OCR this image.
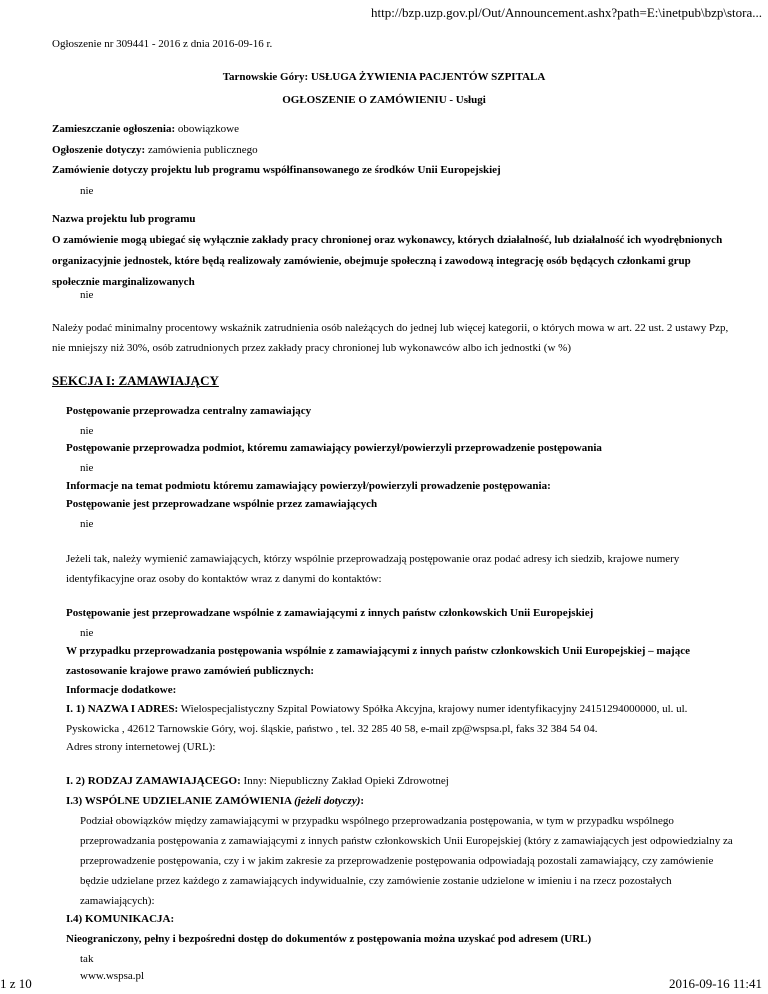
http://bzp.uzp.gov.pl/Out/Announcement.ashx?path=E:\inetpub\bzp\stora...
1 z 10	2016-09-16 11:41
Ogłoszenie nr 309441 - 2016 z dnia 2016-09-16 r.
Tarnowskie Góry: USŁUGA ŻYWIENIA PACJENTÓW SZPITALA
OGŁOSZENIE O ZAMÓWIENIU - Usługi
Zamieszczanie ogłoszenia: obowiązkowe
Ogłoszenie dotyczy: zamówienia publicznego
Zamówienie dotyczy projektu lub programu współfinansowanego ze środków Unii Europejskiej
nie
Nazwa projektu lub programu
O zamówienie mogą ubiegać się wyłącznie zakłady pracy chronionej oraz wykonawcy, których działalność, lub działalność ich wyodrębnionych
organizacyjnie jednostek, które będą realizowały zamówienie, obejmuje społeczną i zawodową integrację osób będących członkami grup
społecznie marginalizowanych
nie
Należy podać minimalny procentowy wskaźnik zatrudnienia osób należących do jednej lub więcej kategorii, o których mowa w art. 22 ust. 2 ustawy Pzp,
nie mniejszy niż 30%, osób zatrudnionych przez zakłady pracy chronionej lub wykonawców albo ich jednostki (w %)
SEKCJA I: ZAMAWIAJĄCY
Postępowanie przeprowadza centralny zamawiający
nie
Postępowanie przeprowadza podmiot, któremu zamawiający powierzył/powierzyli przeprowadzenie postępowania
nie
Informacje na temat podmiotu któremu zamawiający powierzył/powierzyli prowadzenie postępowania:
Postępowanie jest przeprowadzane wspólnie przez zamawiających
nie
Jeżeli tak, należy wymienić zamawiających, którzy wspólnie przeprowadzają postępowanie oraz podać adresy ich siedzib, krajowe numery
identyfikacyjne oraz osoby do kontaktów wraz z danymi do kontaktów:
Postępowanie jest przeprowadzane wspólnie z zamawiającymi z innych państw członkowskich Unii Europejskiej
nie
W przypadku przeprowadzania postępowania wspólnie z zamawiającymi z innych państw członkowskich Unii Europejskiej – mające
zastosowanie krajowe prawo zamówień publicznych:
Informacje dodatkowe:
I. 1) NAZWA I ADRES: Wielospecjalistyczny Szpital Powiatowy Spółka Akcyjna, krajowy numer identyfikacyjny 24151294000000, ul. ul.
Pyskowicka , 42612 Tarnowskie Góry, woj. śląskie, państwo , tel. 32 285 40 58, e-mail zp@wspsa.pl, faks 32 384 54 04.
Adres strony internetowej (URL):
I. 2) RODZAJ ZAMAWIAJĄCEGO: Inny: Niepubliczny Zakład Opieki Zdrowotnej
I.3) WSPÓLNE UDZIELANIE ZAMÓWIENIA (jeżeli dotyczy):
Podział obowiązków między zamawiającymi w przypadku wspólnego przeprowadzania postępowania, w tym w przypadku wspólnego
przeprowadzania postępowania z zamawiającymi z innych państw członkowskich Unii Europejskiej (który z zamawiających jest odpowiedzialny za
przeprowadzenie postępowania, czy i w jakim zakresie za przeprowadzenie postępowania odpowiadają pozostali zamawiający, czy zamówienie
będzie udzielane przez każdego z zamawiających indywidualnie, czy zamówienie zostanie udzielone w imieniu i na rzecz pozostałych
zamawiających):
I.4) KOMUNIKACJA:
Nieograniczony, pełny i bezpośredni dostęp do dokumentów z postępowania można uzyskać pod adresem (URL)
tak
www.wspsa.pl
